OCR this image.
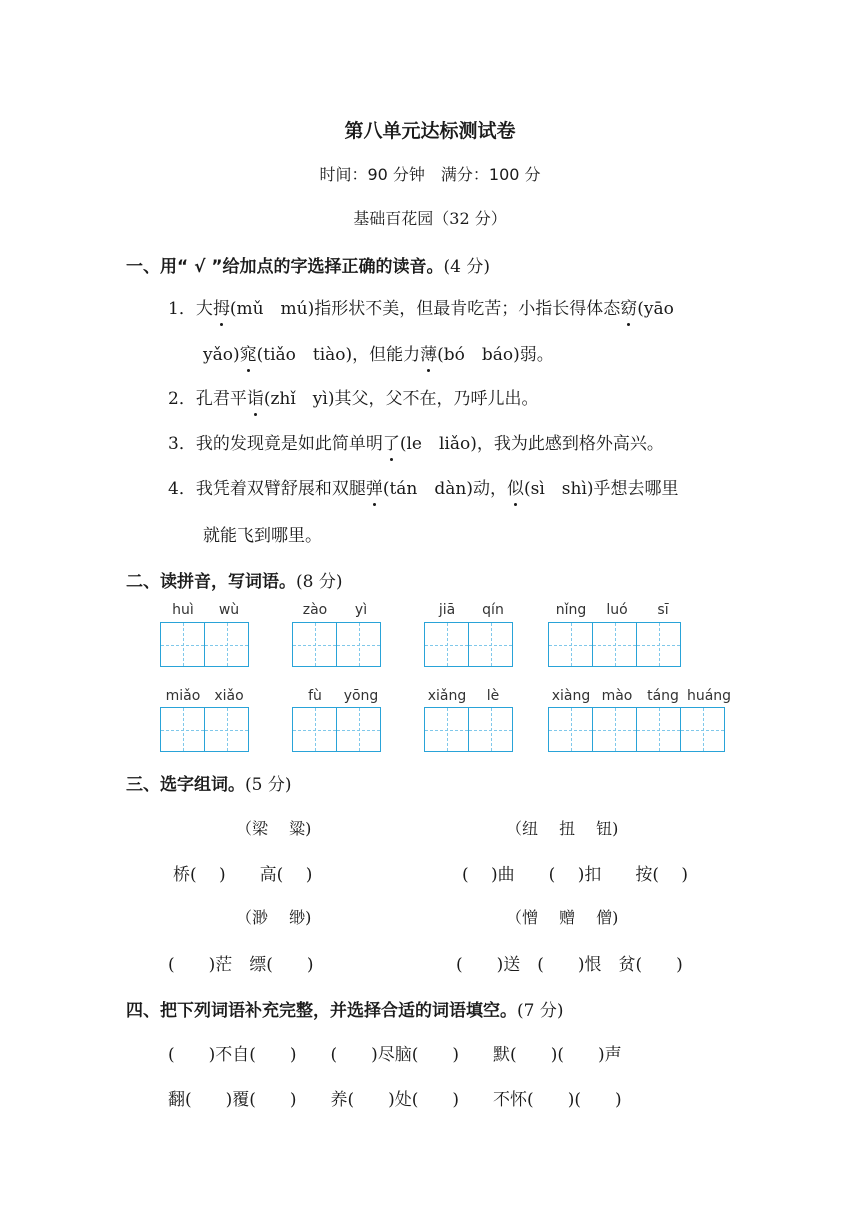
第八单元达标测试卷
时间：90 分钟　满分：100 分
基础百花园（32 分）
一、用“ √ ”给加点的字选择正确的读音。(4 分)
1．大拇(mǔ　mú)指形状不美，但最肯吃苦；小指长得体态窈(yāo
yǎo)窕(tiǎo　tiào)，但能力薄(bó　báo)弱。
2．孔君平诣(zhǐ　yì)其父，父不在，乃呼儿出。
3．我的发现竟是如此简单明了(le　liǎo)，我为此感到格外高兴。
4．我凭着双臂舒展和双腿弹(tán　dàn)动，似(sì　shì)乎想去哪里
就能飞到哪里。
二、读拼音，写词语。(8 分)
huì	wù	zào	yì	jiā	qín	nǐng	luó	sī
miǎo	xiǎo	fù	yōng	xiǎng	lè	xiàng mào	táng huáng
三、选字组词。(5 分)
（梁　 粱)	（纽　 扭　 钮)
桥(　 )　　高(　 )	(　 )曲　　(　 )扣　　按(　 )
（渺　 缈)	（憎　 赠　 僧)
(　　)茫　缥(　　)	(　　)送　(　　)恨　贫(　　)
四、把下列词语补充完整，并选择合适的词语填空。(7 分)
(　　)不自(　　)　　(　　)尽脑(　　)　　默(　　)(　　)声
翻(　　)覆(　　)　　养(　　)处(　　)　　不怀(　　)(　　)
